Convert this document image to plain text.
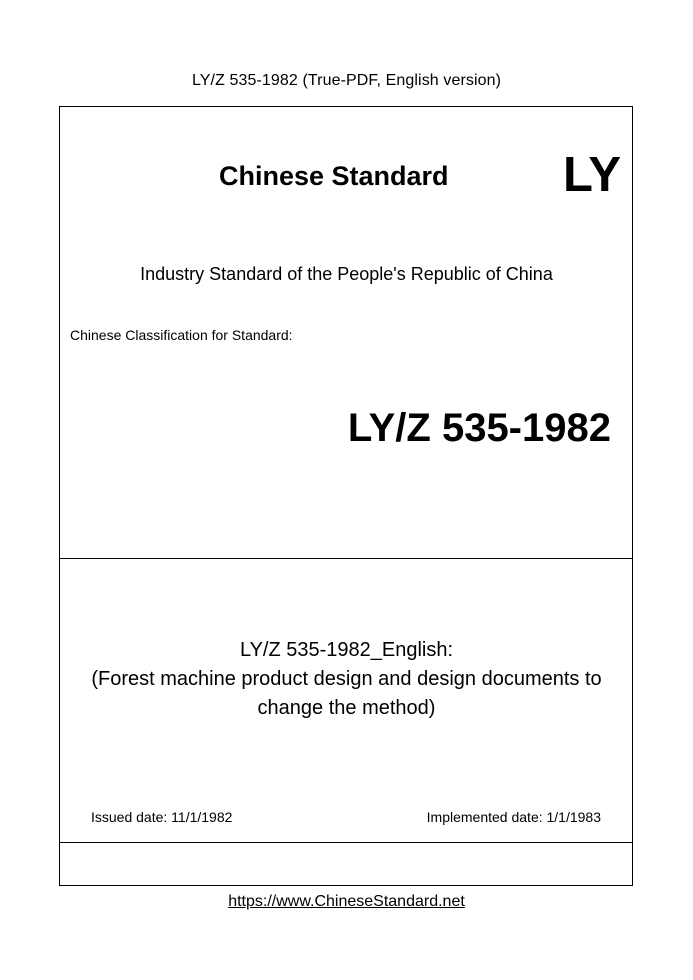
LY/Z 535-1982 (True-PDF, English version)
Chinese Standard LY
Industry Standard of the People's Republic of China
Chinese Classification for Standard:
LY/Z 535-1982
LY/Z 535-1982_English:
(Forest machine product design and design documents to
change the method)
Issued date: 11/1/1982	Implemented date: 1/1/1983
https://www.ChineseStandard.net
